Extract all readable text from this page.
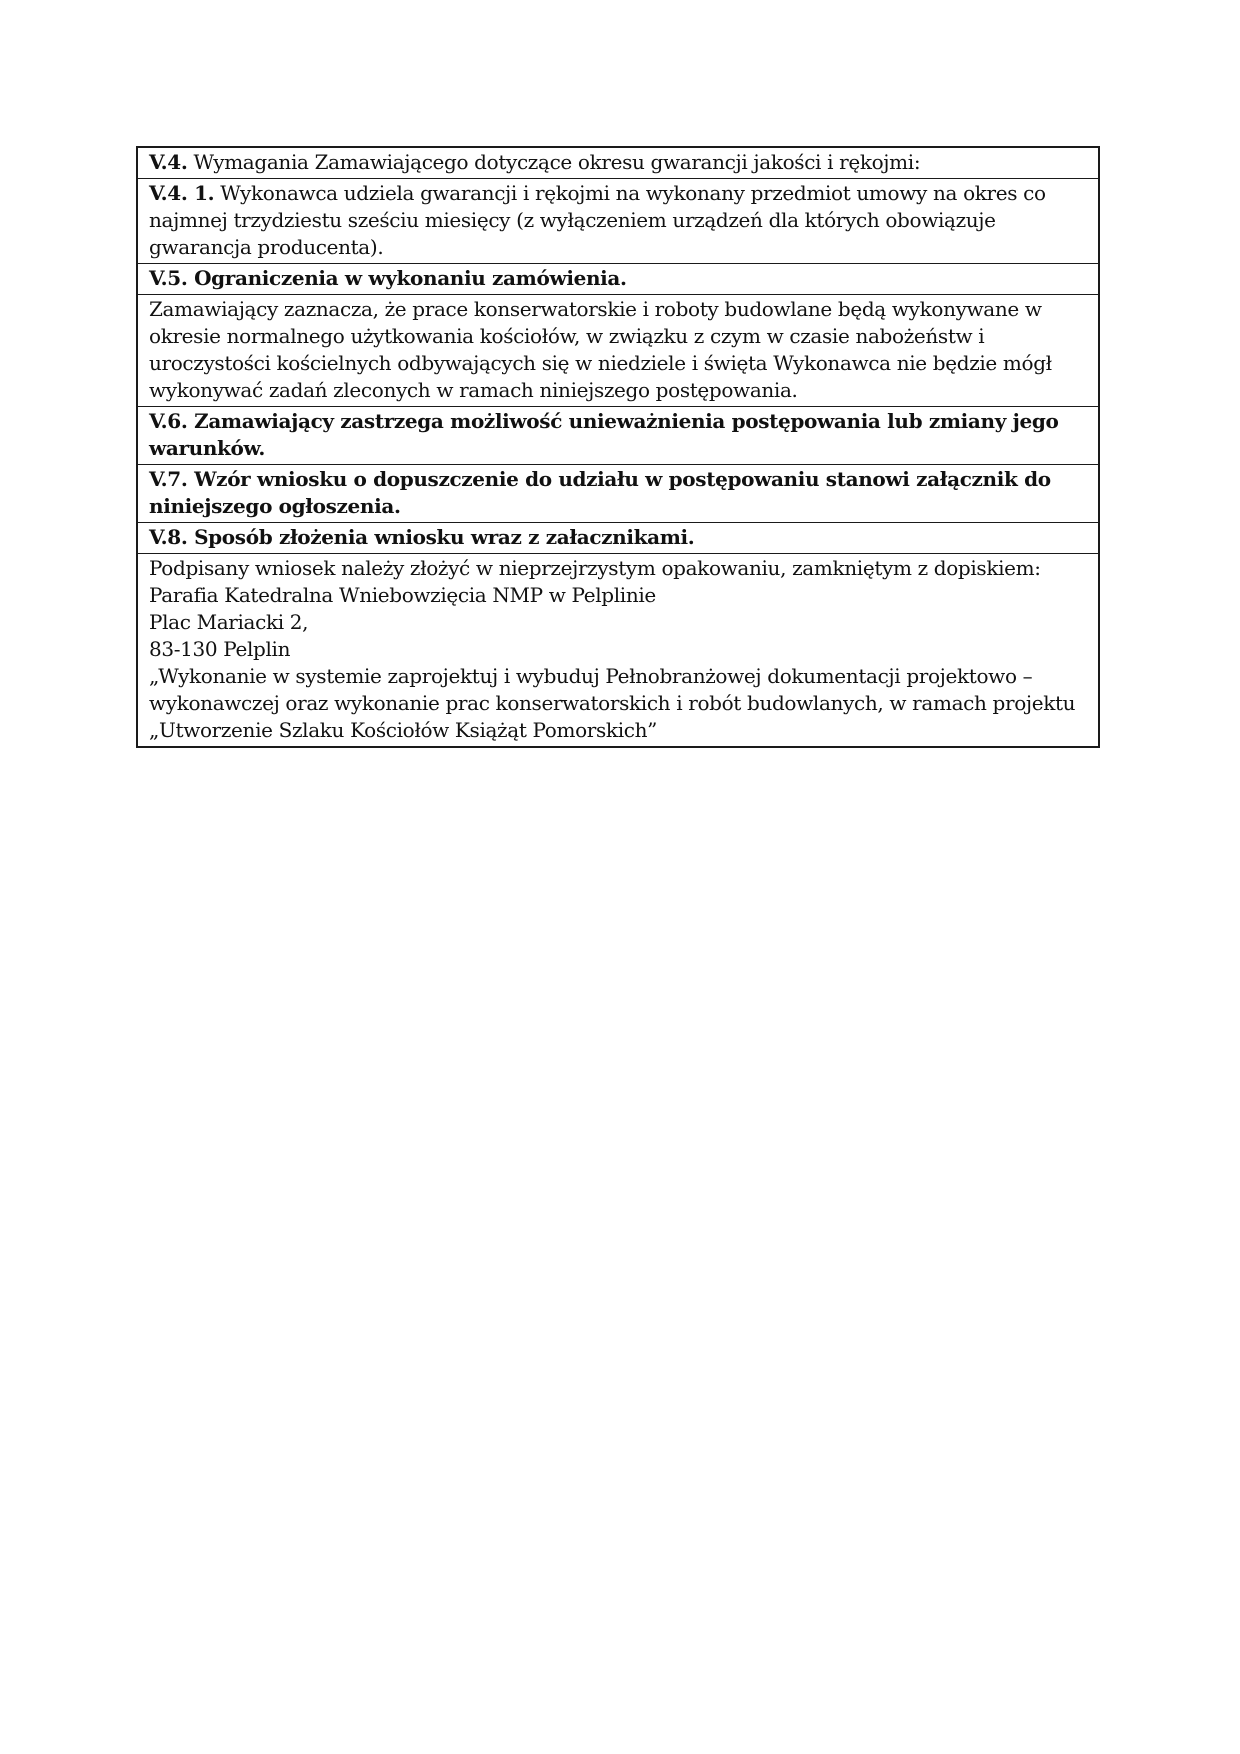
V.4. Wymagania Zamawiającego dotyczące okresu gwarancji jakości i rękojmi:
V.4. 1. Wykonawca udziela gwarancji i rękojmi na wykonany przedmiot umowy na okres co
najmnej trzydziestu sześciu miesięcy (z wyłączeniem urządzeń dla których obowiązuje
gwarancja producenta).
V.5. Ograniczenia w wykonaniu zamówienia.
Zamawiający zaznacza, że prace konserwatorskie i roboty budowlane będą wykonywane w
okresie normalnego użytkowania kościołów, w związku z czym w czasie nabożeństw i
uroczystości kościelnych odbywających się w niedziele i święta Wykonawca nie będzie mógł
wykonywać zadań zleconych w ramach niniejszego postępowania.
V.6. Zamawiający zastrzega możliwość unieważnienia postępowania lub zmiany jego
warunków.
V.7. Wzór wniosku o dopuszczenie do udziału w postępowaniu stanowi załącznik do
niniejszego ogłoszenia.
V.8. Sposób złożenia wniosku wraz z załacznikami.
Podpisany wniosek należy złożyć w nieprzejrzystym opakowaniu, zamkniętym z dopiskiem:
Parafia Katedralna Wniebowzięcia NMP w Pelplinie
Plac Mariacki 2,
83-130 Pelplin
„Wykonanie w systemie zaprojektuj i wybuduj Pełnobranżowej dokumentacji projektowo –
wykonawczej oraz wykonanie prac konserwatorskich i robót budowlanych, w ramach projektu
„Utworzenie Szlaku Kościołów Książąt Pomorskich”
